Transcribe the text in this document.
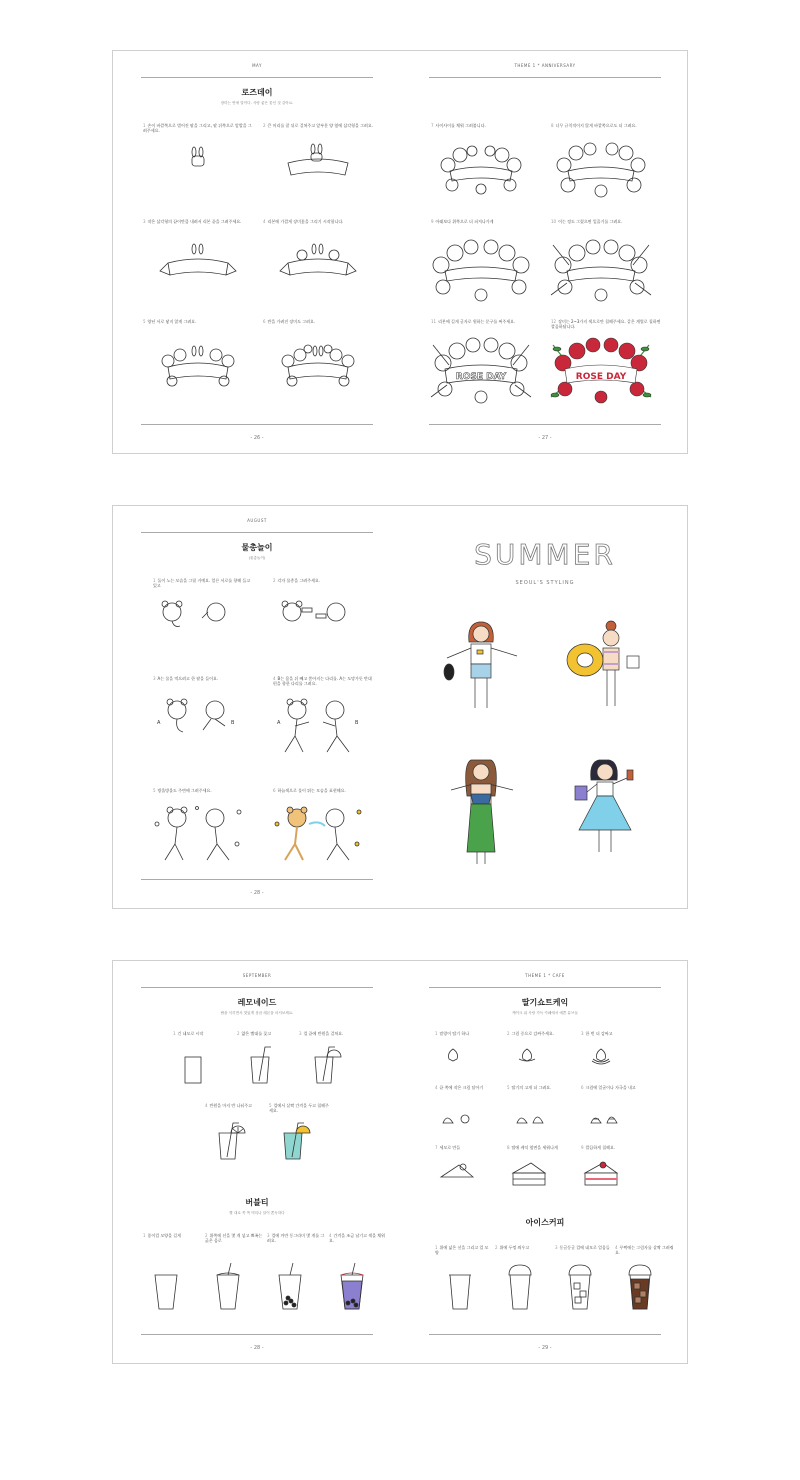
MAY
로즈데이
장미는 연애 말이다. 사랑 좋은 꽃인 것 같아요.
1 손이 바깥쪽으로 벌어진 팔을 그리고, 팔 뒤쪽으로 앞발을 그려주세요.
2 큰 머리를 잘 뒤로 걸쳐주고 앞부분 양 옆에 삼각형을 그려요.
3 작은 삼각형의 끝이만큼 내려서 리본 끝을 그려주세요.	4 리본에 가깝게 장미꽃을 그리기 시작합니다.
5 양년 서로 닿지 않게 그려요.	6 반을 가려진 장미도 그려요.
- 26 -
THEME 1 * ANNIVERSARY
7 사이사이를 채워 그려봅니다.	8 너무 규칙적이지 않게 바깥쪽으로도 더 그려요.
9 아래보다 위쪽으로 더 퍼져나가게	10 이는 정도 그렸으면 잎줄기를 그려요.
11 리본에 길게 글자로 원하는 문구를 써주세요.	12 장미는 2~3가지 색으로만 칠해주세요. 같은 계열로 칠하면 깔끔하답니다.
ROSE DAY	ROSE DAY
- 27 -
AUGUST
물총놀이
(물총놀이)
1 둘이 노는 모습을 그릴 거예요. 얼른 서로를 향해 들고 있고
2 각자 물총을 그려주세요.
3 A는 물을 먹으려고 한 팔을 들어요.	4 B는 몸을 뒤 빼고 쏟아지는 다리를. A는 도망가듯 반대편을 향한 다리를 그려요.
5 방울방울도 주변에 그려주세요.	6 하늘색으로 물이 튀는 모습을 표현해요.
A	B	A	B
- 28 -
SUMMER
SEOUL'S STYLING
SEPTEMBER
레모네이드
땀을 식히면서 맛있게 상큼 레몬을 마셔보세요.
1 긴 네모로 시작	2 얇은 빨대를 꽂고	3 컵 끝에 반원을 걸쳐요.
4 반원을 마저 반 나눠주고	5 컵에서 살짝 간격을 두고 칠해주세요.
버블티
빨 대로 쏙 쏙 먹히나 알이 쫀득하다
1 종이컵 모양을 길게	2 위쪽에 선을 몇 개 넣고 뾰족는 굵은 음로
3 컵에 까만 동그라미 몇 개를 그려요.
4 간격을 조금 남기고 색을 채워요.
- 28 -
THEME 1 * CAFE
딸기쇼트케익
케이크 위 사랑 가득 카페에서 예쁜 튜브들
1 말랑이 딸기 하나	2 그림 중으로 감싸주세요.	3 한 번 더 감싸고
4 끝 쪽에 작은 크림 달아기	5 딸기의 고개 더 그려요.	6 크림에 얼굴이나 자국을 내고
7 세모로 만들	8 딸에 케익 옆면을 세워나게	9 깔끔하게 칠해요.
아이스커피
1 위에 넓은 선을 그리고 컵 모양
2 위에 두껑 씌우고	3 동글동글 컵에 네모로 얼음들	4 꾸쩍에는 그림자를 살짝 그려줘요.
- 29 -
